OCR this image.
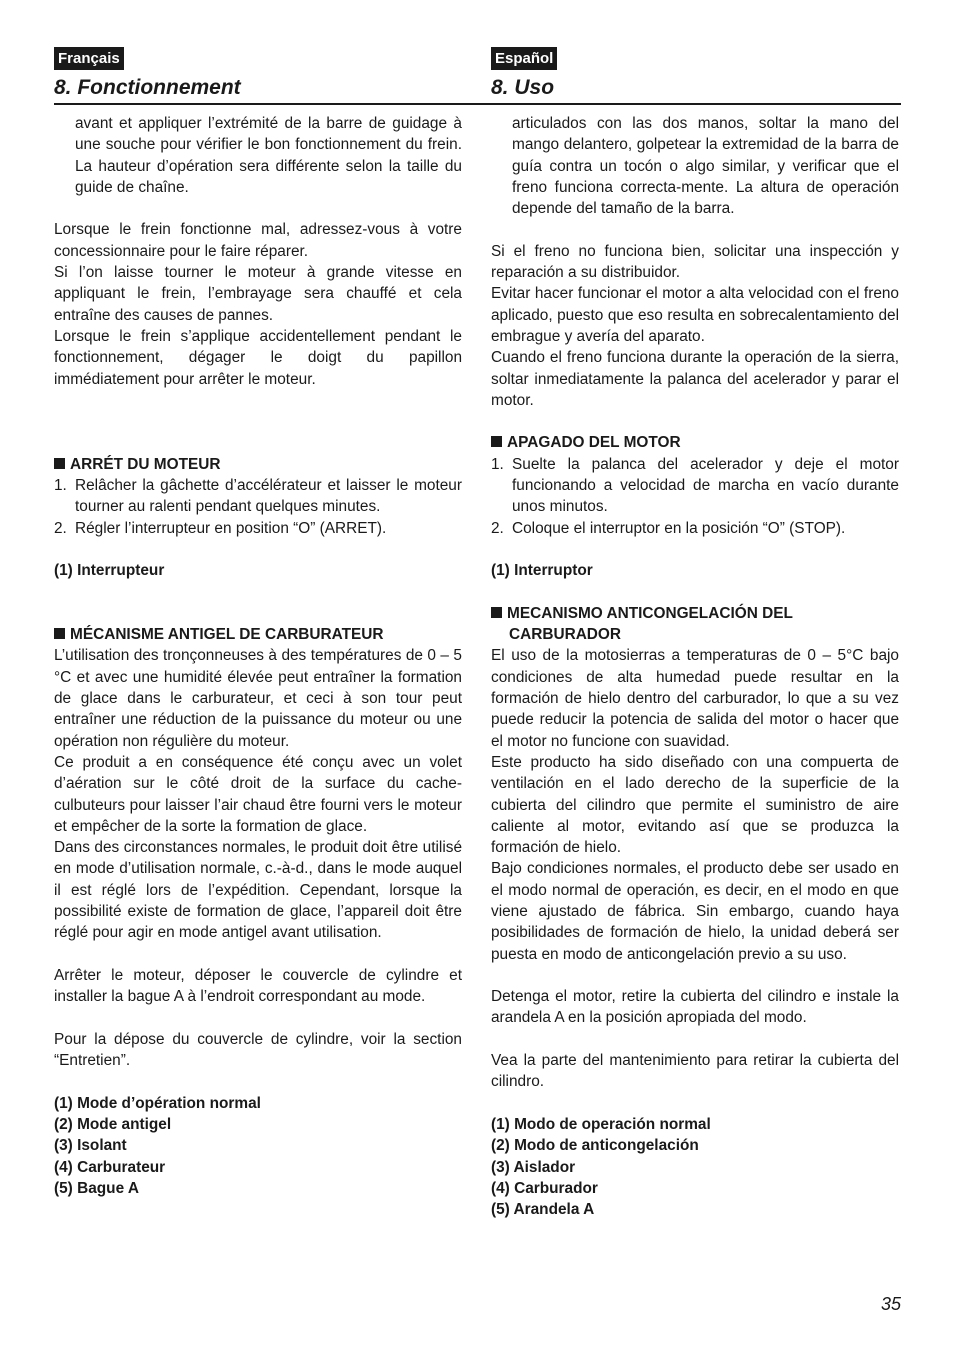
Français
8. Fonctionnement

avant et appliquer l’extrémité de la barre de guidage à une souche pour vérifier le bon fonctionnement du frein. La hauteur d’opération sera différente selon la taille du guide de chaîne.

Lorsque le frein fonctionne mal, adressez-vous à votre concessionnaire pour le faire réparer.

Si l’on laisse tourner le moteur à grande vitesse en appliquant le frein, l’embrayage sera chauffé et cela entraîne des causes de pannes.

Lorsque le frein s’applique accidentellement pendant le fonctionnement, dégager le doigt du papillon immédiatement pour arrêter le moteur.

ARRÉT DU MOTEUR

1. Relâcher la gâchette d’accélérateur et laisser le moteur tourner au ralenti pendant quelques minutes.
2. Régler l’interrupteur en position “O” (ARRET).

(1) Interrupteur

MÉCANISME ANTIGEL DE CARBURATEUR

L’utilisation des tronçonneuses à des températures de 0 – 5 °C et avec une humidité élevée peut entraîner la formation de glace dans le carburateur, et ceci à son tour peut entraîner une réduction de la puissance du moteur ou une opération non régulière du moteur.

Ce produit a en conséquence été conçu avec un volet d’aération sur le côté droit de la surface du cache-culbuteurs pour laisser l’air chaud être fourni vers le moteur et empêcher de la sorte la formation de glace.

Dans des circonstances normales, le produit doit être utilisé en mode d’utilisation normale, c.-à-d., dans le mode auquel il est réglé lors de l’expédition. Cependant, lorsque la possibilité existe de formation de glace, l’appareil doit être réglé pour agir en mode antigel avant utilisation.

Arrêter le moteur, déposer le couvercle de cylindre et installer la bague A à l’endroit correspondant au mode.

Pour la dépose du couvercle de cylindre, voir la section “Entretien”.

(1) Mode d’opération normal

(2) Mode antigel

(3) Isolant

(4) Carburateur

(5) Bague A

Español
8. Uso

articulados con las dos manos, soltar la mano del mango delantero, golpetear la extremidad de la barra de guía contra un tocón o algo similar, y verificar que el freno funciona correcta-mente. La altura de operación depende del tamaño de la barra.

Si el freno no funciona bien, solicitar una inspección y reparación a su distribuidor.

Evitar hacer funcionar el motor a alta velocidad con el freno aplicado, puesto que eso resulta en sobrecalentamiento del embrague y avería del aparato.

Cuando el freno funciona durante la operación de la sierra, soltar inmediatamente la palanca del acelerador y parar el motor.

APAGADO DEL MOTOR

1. Suelte la palanca del acelerador y deje el motor funcionando a velocidad de marcha en vacío durante unos minutos.
2. Coloque el interruptor en la posición “O” (STOP).

(1) Interruptor

MECANISMO ANTICONGELACIÓN DEL CARBURADOR

El uso de la motosierras a temperaturas de 0 – 5°C bajo condiciones de alta humedad puede resultar en la formación de hielo dentro del carburador, lo que a su vez puede reducir la potencia de salida del motor o hacer que el motor no funcione con suavidad.

Este producto ha sido diseñado con una compuerta de ventilación en el lado derecho de la superficie de la cubierta del cilindro que permite el suministro de aire caliente al motor, evitando así que se produzca la formación de hielo.

Bajo condiciones normales, el producto debe ser usado en el modo normal de operación, es decir, en el modo en que viene ajustado de fábrica. Sin embargo, cuando haya posibilidades de formación de hielo, la unidad deberá ser puesta en modo de anticongelación previo a su uso.

Detenga el motor, retire la cubierta del cilindro e instale la arandela A en la posición apropiada del modo.

Vea la parte del mantenimiento para retirar la cubierta del cilindro.

(1) Modo de operación normal

(2) Modo de anticongelación

(3) Aislador

(4) Carburador

(5) Arandela A

35
